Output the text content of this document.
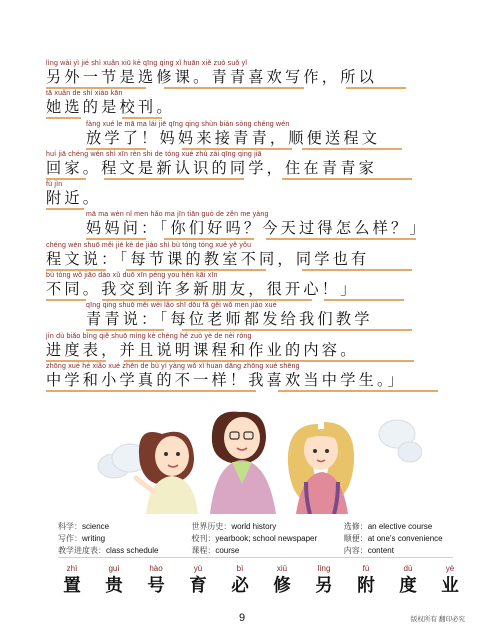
lìng wài yì jié shì xuǎn xiū kè qīng qing xǐ huān xiě zuò suǒ yǐ
另外一节是选修课。青青喜欢写作，所以
tā xuǎn de shì xiào kān
她选的是校刊。
fàng xué le mā ma lái jiē qīng qing shùn biàn sòng chéng wén
放学了！妈妈来接青青，顺便送程文
huí jiā chéng wén shì xīn rèn shi de tóng xué zhù zài qīng qing jiā
回家。程文是新认识的同学，住在青青家
fù jìn
附近。
mā ma wèn nǐ men hǎo ma jīn tiān guò de zěn me yàng
妈妈问：「你们好吗？今天过得怎么样？」
chéng wén shuō měi jié kè de jiào shì bù tóng tóng xué yě yǒu
程文说：「每节课的教室不同，同学也有
bù tóng wǒ jiāo dào xǔ duō xīn péng you hěn kāi xīn
不同。我交到许多新朋友，很开心！」
qīng qing shuō měi wèi lǎo shī dōu fā gěi wǒ men jiào xué
青青说：「每位老师都发给我们教学
jìn dù biǎo bìng qiě shuō míng kè chéng hé zuò yè de nèi róng
进度表，并且说明课程和作业的内容。
zhōng xué hé xiǎo xué zhēn de bù yí yàng wǒ xǐ huan dāng zhōng xué shēng
中学和小学真的不一样！我喜欢当中学生。」
科学：science	世界历史：world history	选修：an elective course
写作：writing	校刊：yearbook; school newspaper	顺便：at one's convenience
教学进度表：class schedule	课程：course	内容：content
zhì
置
guì
贵
hào
号
yù
育
bì
必
xiū
修
lìng
另
fù
附
dù
度
yè
业
9	版权所有 翻印必究
